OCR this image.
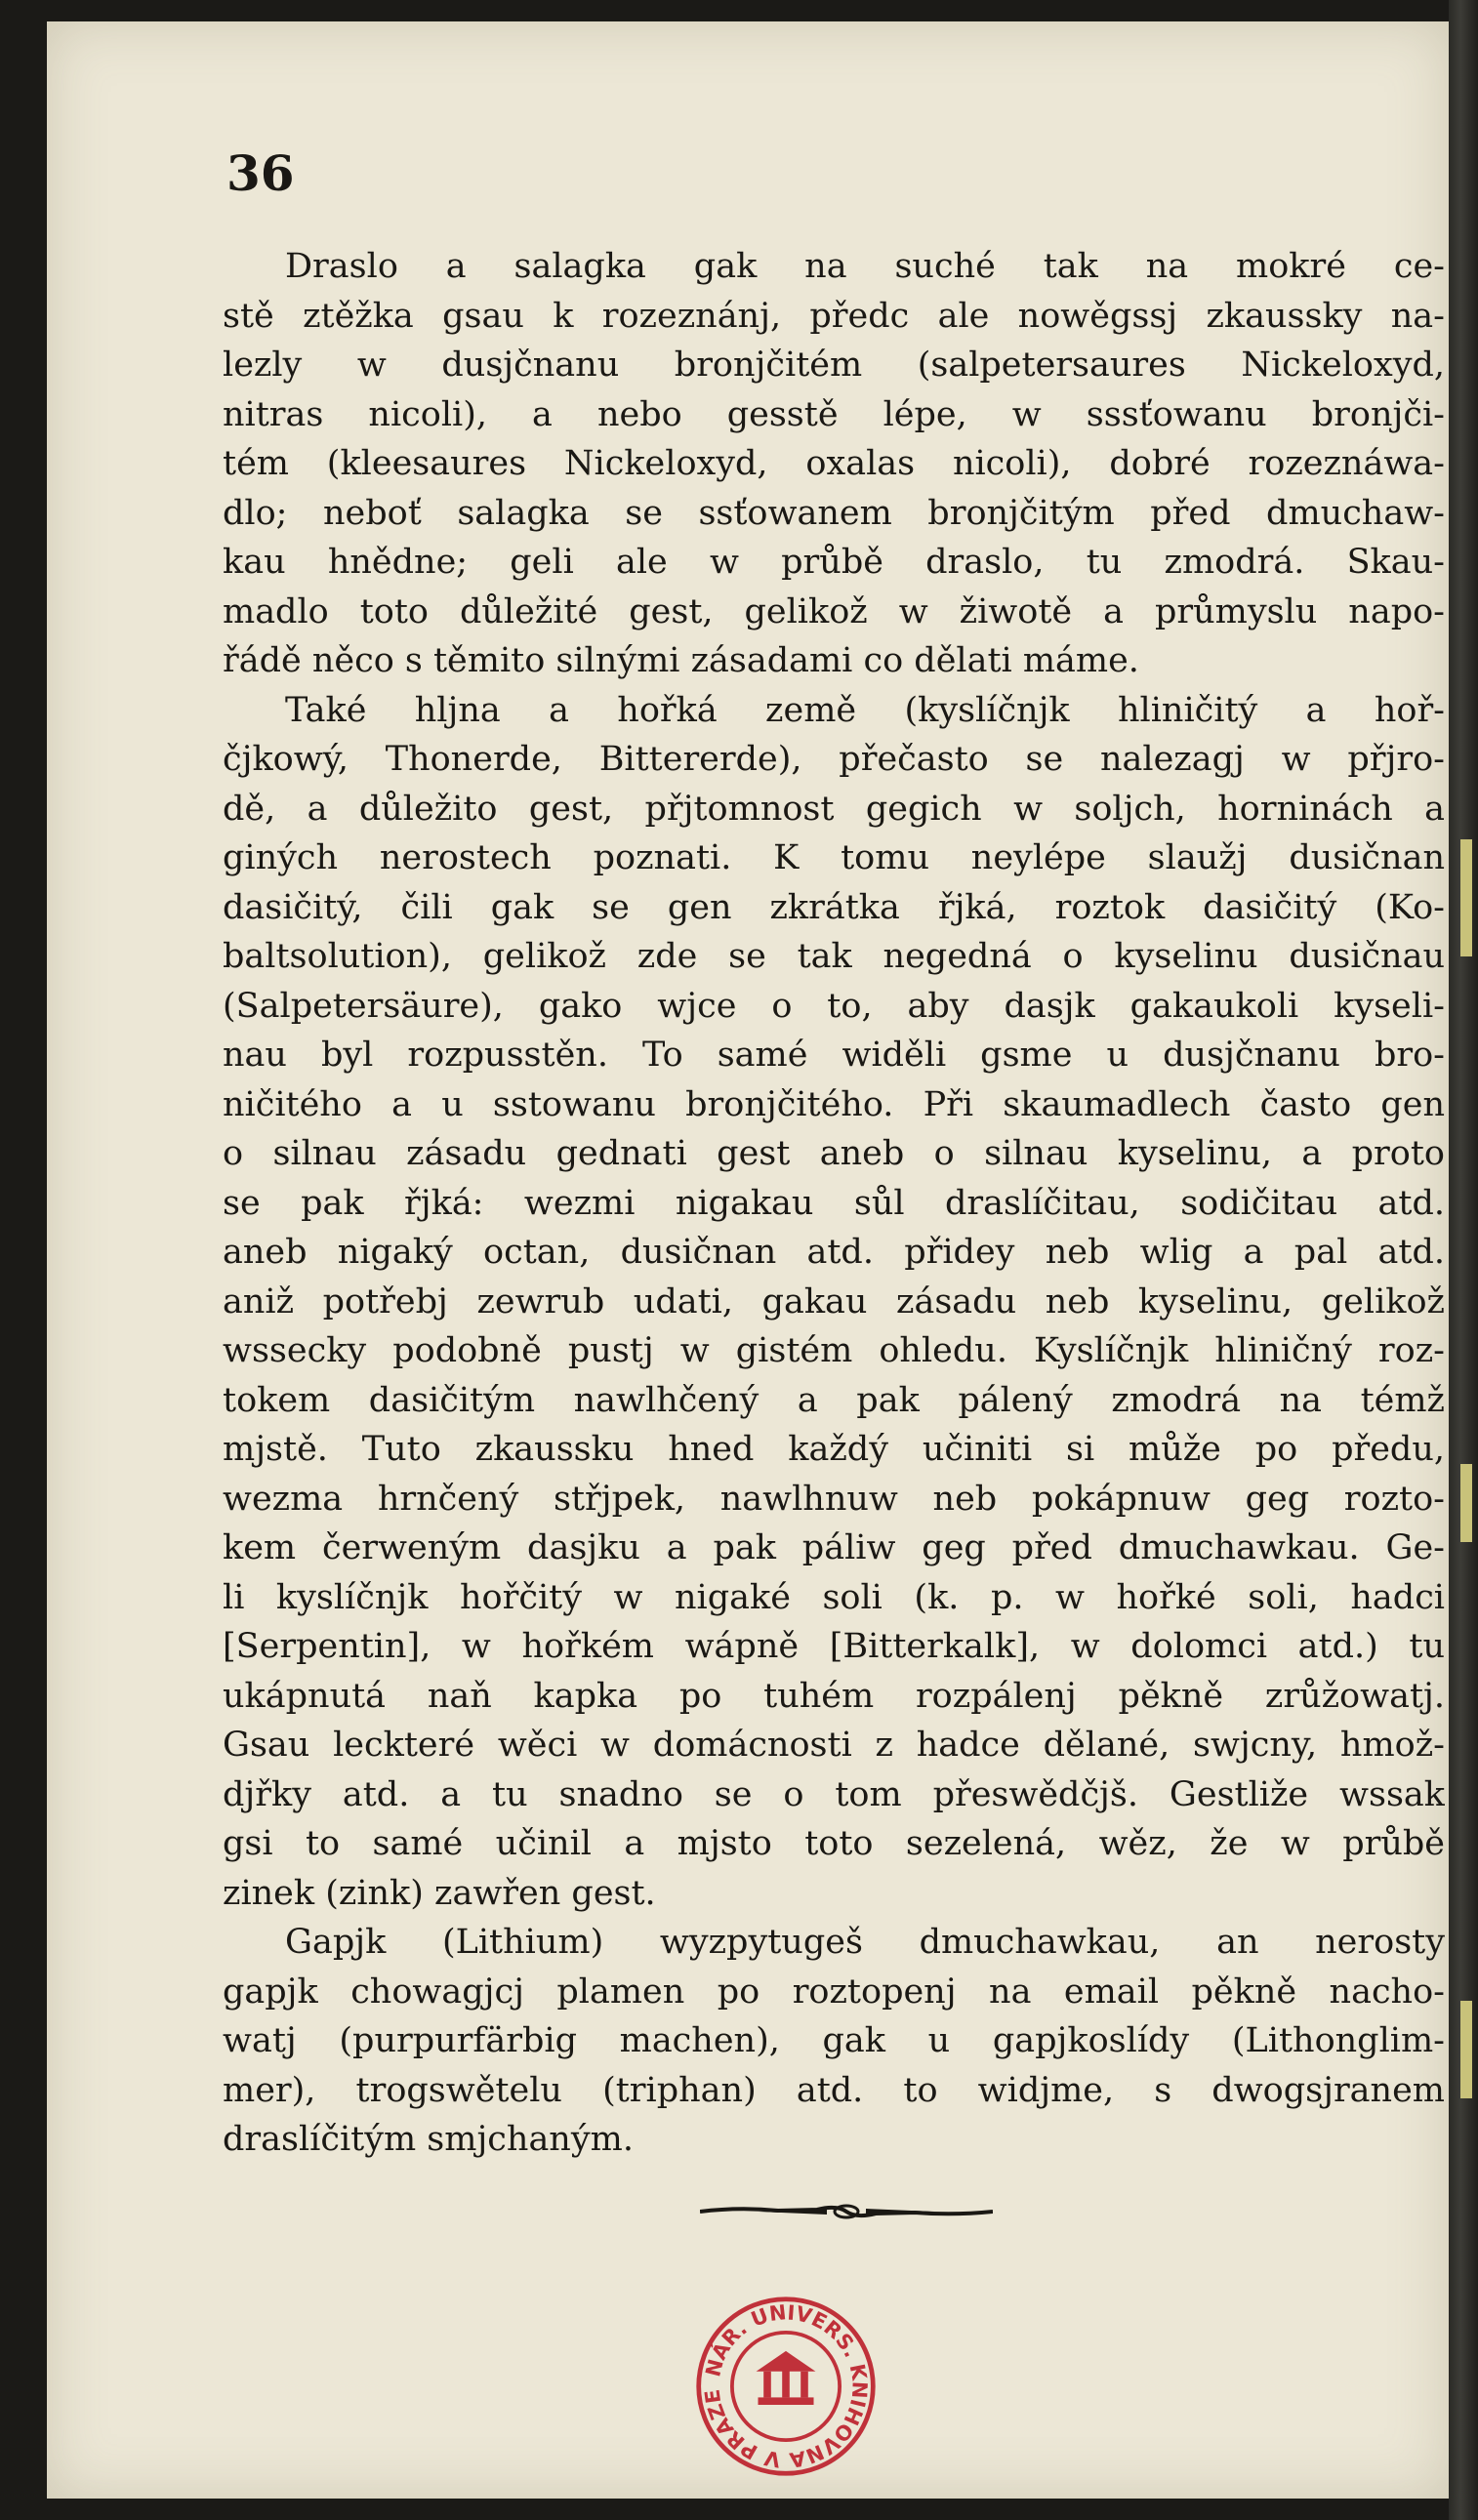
36
Draslo a salagka gak na suché tak na mokré ce-
stě ztěžka gsau k rozeznánj, předc ale nowěgssj zkaussky na-
lezly w dusjčnanu bronjčitém (salpetersaures Nickeloxyd,
nitras nicoli), a nebo gesstě lépe, w sssťowanu bronjči-
tém (kleesaures Nickeloxyd, oxalas nicoli), dobré rozeznáwa-
dlo; neboť salagka se ssťowanem bronjčitým před dmuchaw-
kau hnědne; geli ale w průbě draslo, tu zmodrá. Skau-
madlo toto důležité gest, gelikož w žiwotě a průmyslu napo-
řádě něco s těmito silnými zásadami co dělati máme.
Také hljna a hořká země (kyslíčnjk hliničitý a hoř-
čjkowý, Thonerde, Bittererde), přečasto se nalezagj w přjro-
dě, a důležito gest, přjtomnost gegich w soljch, horninách a
giných nerostech poznati. K tomu neylépe slaužj dusičnan
dasičitý, čili gak se gen zkrátka řjká, roztok dasičitý (Ko-
baltsolution), gelikož zde se tak negedná o kyselinu dusičnau
(Salpetersäure), gako wjce o to, aby dasjk gakaukoli kyseli-
nau byl rozpusstěn. To samé widěli gsme u dusjčnanu bro-
ničitého a u sstowanu bronjčitého. Při skaumadlech často gen
o silnau zásadu gednati gest aneb o silnau kyselinu, a proto
se pak řjká: wezmi nigakau sůl draslíčitau, sodičitau atd.
aneb nigaký octan, dusičnan atd. přidey neb wlig a pal atd.
aniž potřebj zewrub udati, gakau zásadu neb kyselinu, gelikož
wssecky podobně pustj w gistém ohledu. Kyslíčnjk hliničný roz-
tokem dasičitým nawlhčený a pak pálený zmodrá na témž
mjstě. Tuto zkaussku hned každý učiniti si může po předu,
wezma hrnčený střjpek, nawlhnuw neb pokápnuw geg rozto-
kem čerweným dasjku a pak páliw geg před dmuchawkau. Ge-
li kyslíčnjk hořčitý w nigaké soli (k. p. w hořké soli, hadci
[Serpentin], w hořkém wápně [Bitterkalk], w dolomci atd.) tu
ukápnutá naň kapka po tuhém rozpálenj pěkně zrůžowatj.
Gsau leckteré wěci w domácnosti z hadce dělané, swjcny, hmož-
djřky atd. a tu snadno se o tom přeswědčjš. Gestliže wssak
gsi to samé učinil a mjsto toto sezelená, wěz, že w průbě
zinek (zink) zawřen gest.
Gapjk (Lithium) wyzpytugeš dmuchawkau, an nerosty
gapjk chowagjcj plamen po roztopenj na email pěkně nacho-
watj (purpurfärbig machen), gak u gapjkoslídy (Lithonglim-
mer), trogswětelu (triphan) atd. to widjme, s dwogsjranem
draslíčitým smjchaným.
NÁR. UNIVERS. KNIHOVNA V PRAZE
